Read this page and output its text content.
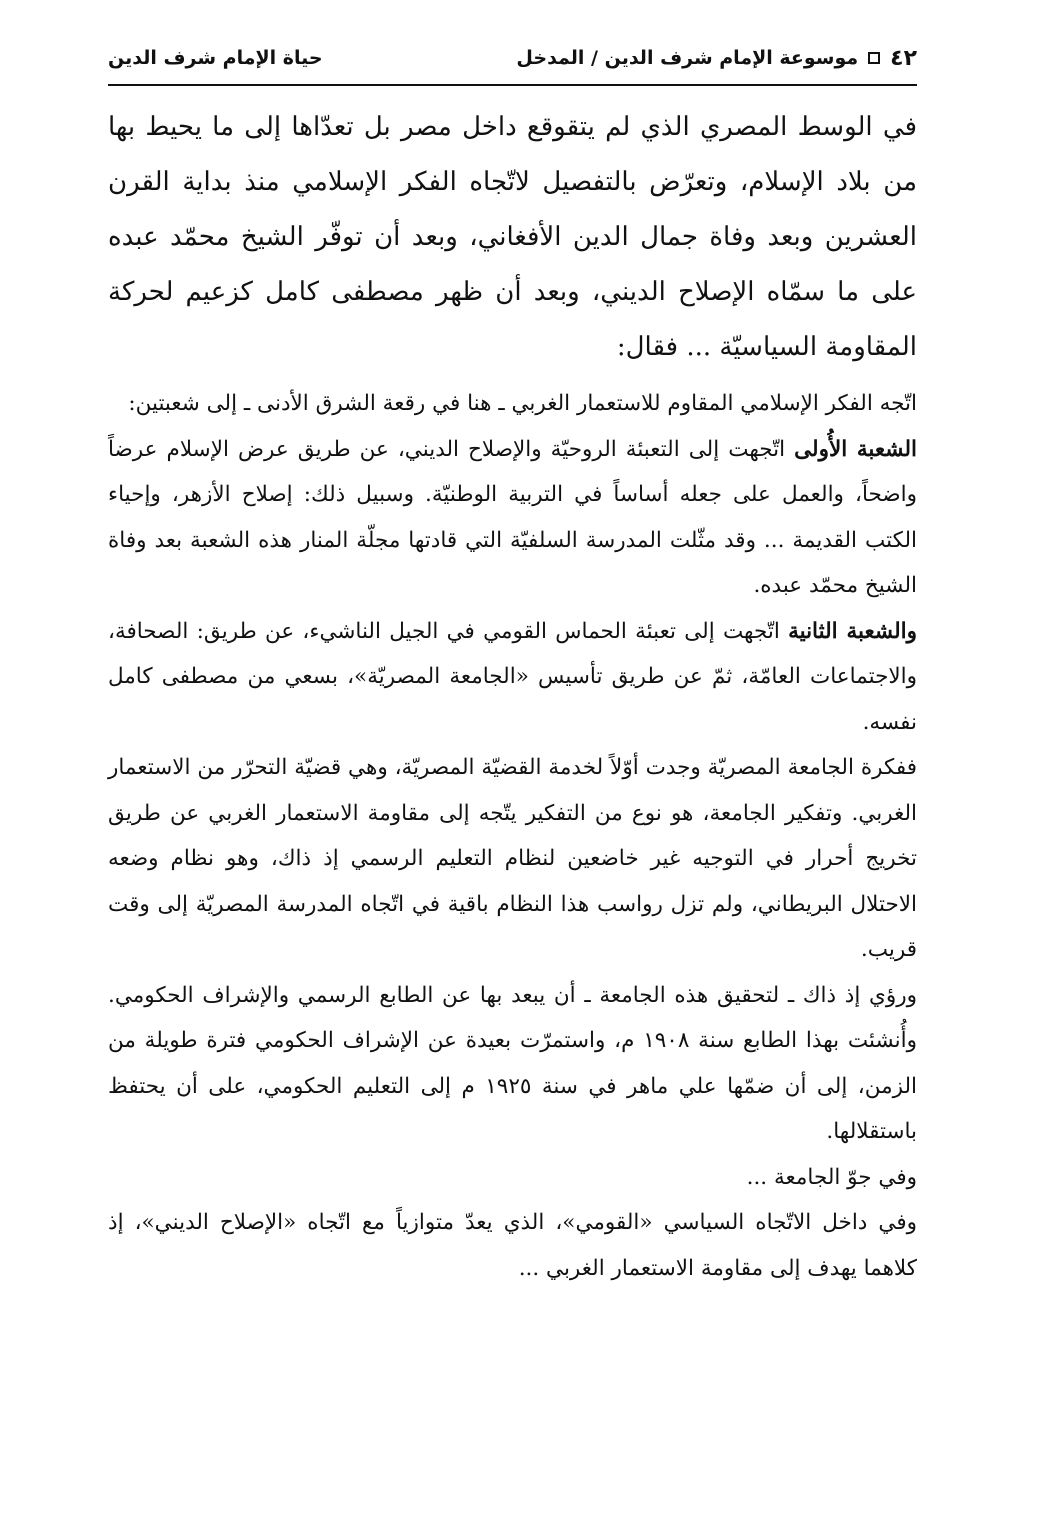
٤٢
موسوعة الإمام شرف الدين / المدخل
حياة الإمام شرف الدين

في الوسط المصري الذي لم يتقوقع داخل مصر بل تعدّاها إلى ما يحيط بها من بلاد الإسلام، وتعرّض بالتفصيل لاتّجاه الفكر الإسلامي منذ بداية القرن العشرين وبعد وفاة جمال الدين الأفغاني، وبعد أن توفّر الشيخ محمّد عبده على ما سمّاه الإصلاح الديني، وبعد أن ظهر مصطفى كامل كزعيم لحركة المقاومة السياسيّة ... فقال:

اتّجه الفكر الإسلامي المقاوم للاستعمار الغربي ـ هنا في رقعة الشرق الأدنى ـ إلى شعبتين:

الشعبة الأُولى اتّجهت إلى التعبئة الروحيّة والإصلاح الديني، عن طريق عرض الإسلام عرضاً واضحاً، والعمل على جعله أساساً في التربية الوطنيّة. وسبيل ذلك: إصلاح الأزهر، وإحياء الكتب القديمة ... وقد مثّلت المدرسة السلفيّة التي قادتها مجلّة المنار هذه الشعبة بعد وفاة الشيخ محمّد عبده.

والشعبة الثانية اتّجهت إلى تعبئة الحماس القومي في الجيل الناشيء، عن طريق: الصحافة، والاجتماعات العامّة، ثمّ عن طريق تأسيس «الجامعة المصريّة»، بسعي من مصطفى كامل نفسه.

ففكرة الجامعة المصريّة وجدت أوّلاً لخدمة القضيّة المصريّة، وهي قضيّة التحرّر من الاستعمار الغربي. وتفكير الجامعة، هو نوع من التفكير يتّجه إلى مقاومة الاستعمار الغربي عن طريق تخريج أحرار في التوجيه غير خاضعين لنظام التعليم الرسمي إذ ذاك، وهو نظام وضعه الاحتلال البريطاني، ولم تزل رواسب هذا النظام باقية في اتّجاه المدرسة المصريّة إلى وقت قريب.

ورؤي إذ ذاك ـ لتحقيق هذه الجامعة ـ أن يبعد بها عن الطابع الرسمي والإشراف الحكومي. وأُنشئت بهذا الطابع سنة ١٩٠٨ م، واستمرّت بعيدة عن الإشراف الحكومي فترة طويلة من الزمن، إلى أن ضمّها علي ماهر في سنة ١٩٢٥ م إلى التعليم الحكومي، على أن يحتفظ باستقلالها.

وفي جوّ الجامعة ...

وفي داخل الاتّجاه السياسي «القومي»، الذي يعدّ متوازياً مع اتّجاه «الإصلاح الديني»، إذ كلاهما يهدف إلى مقاومة الاستعمار الغربي ...
